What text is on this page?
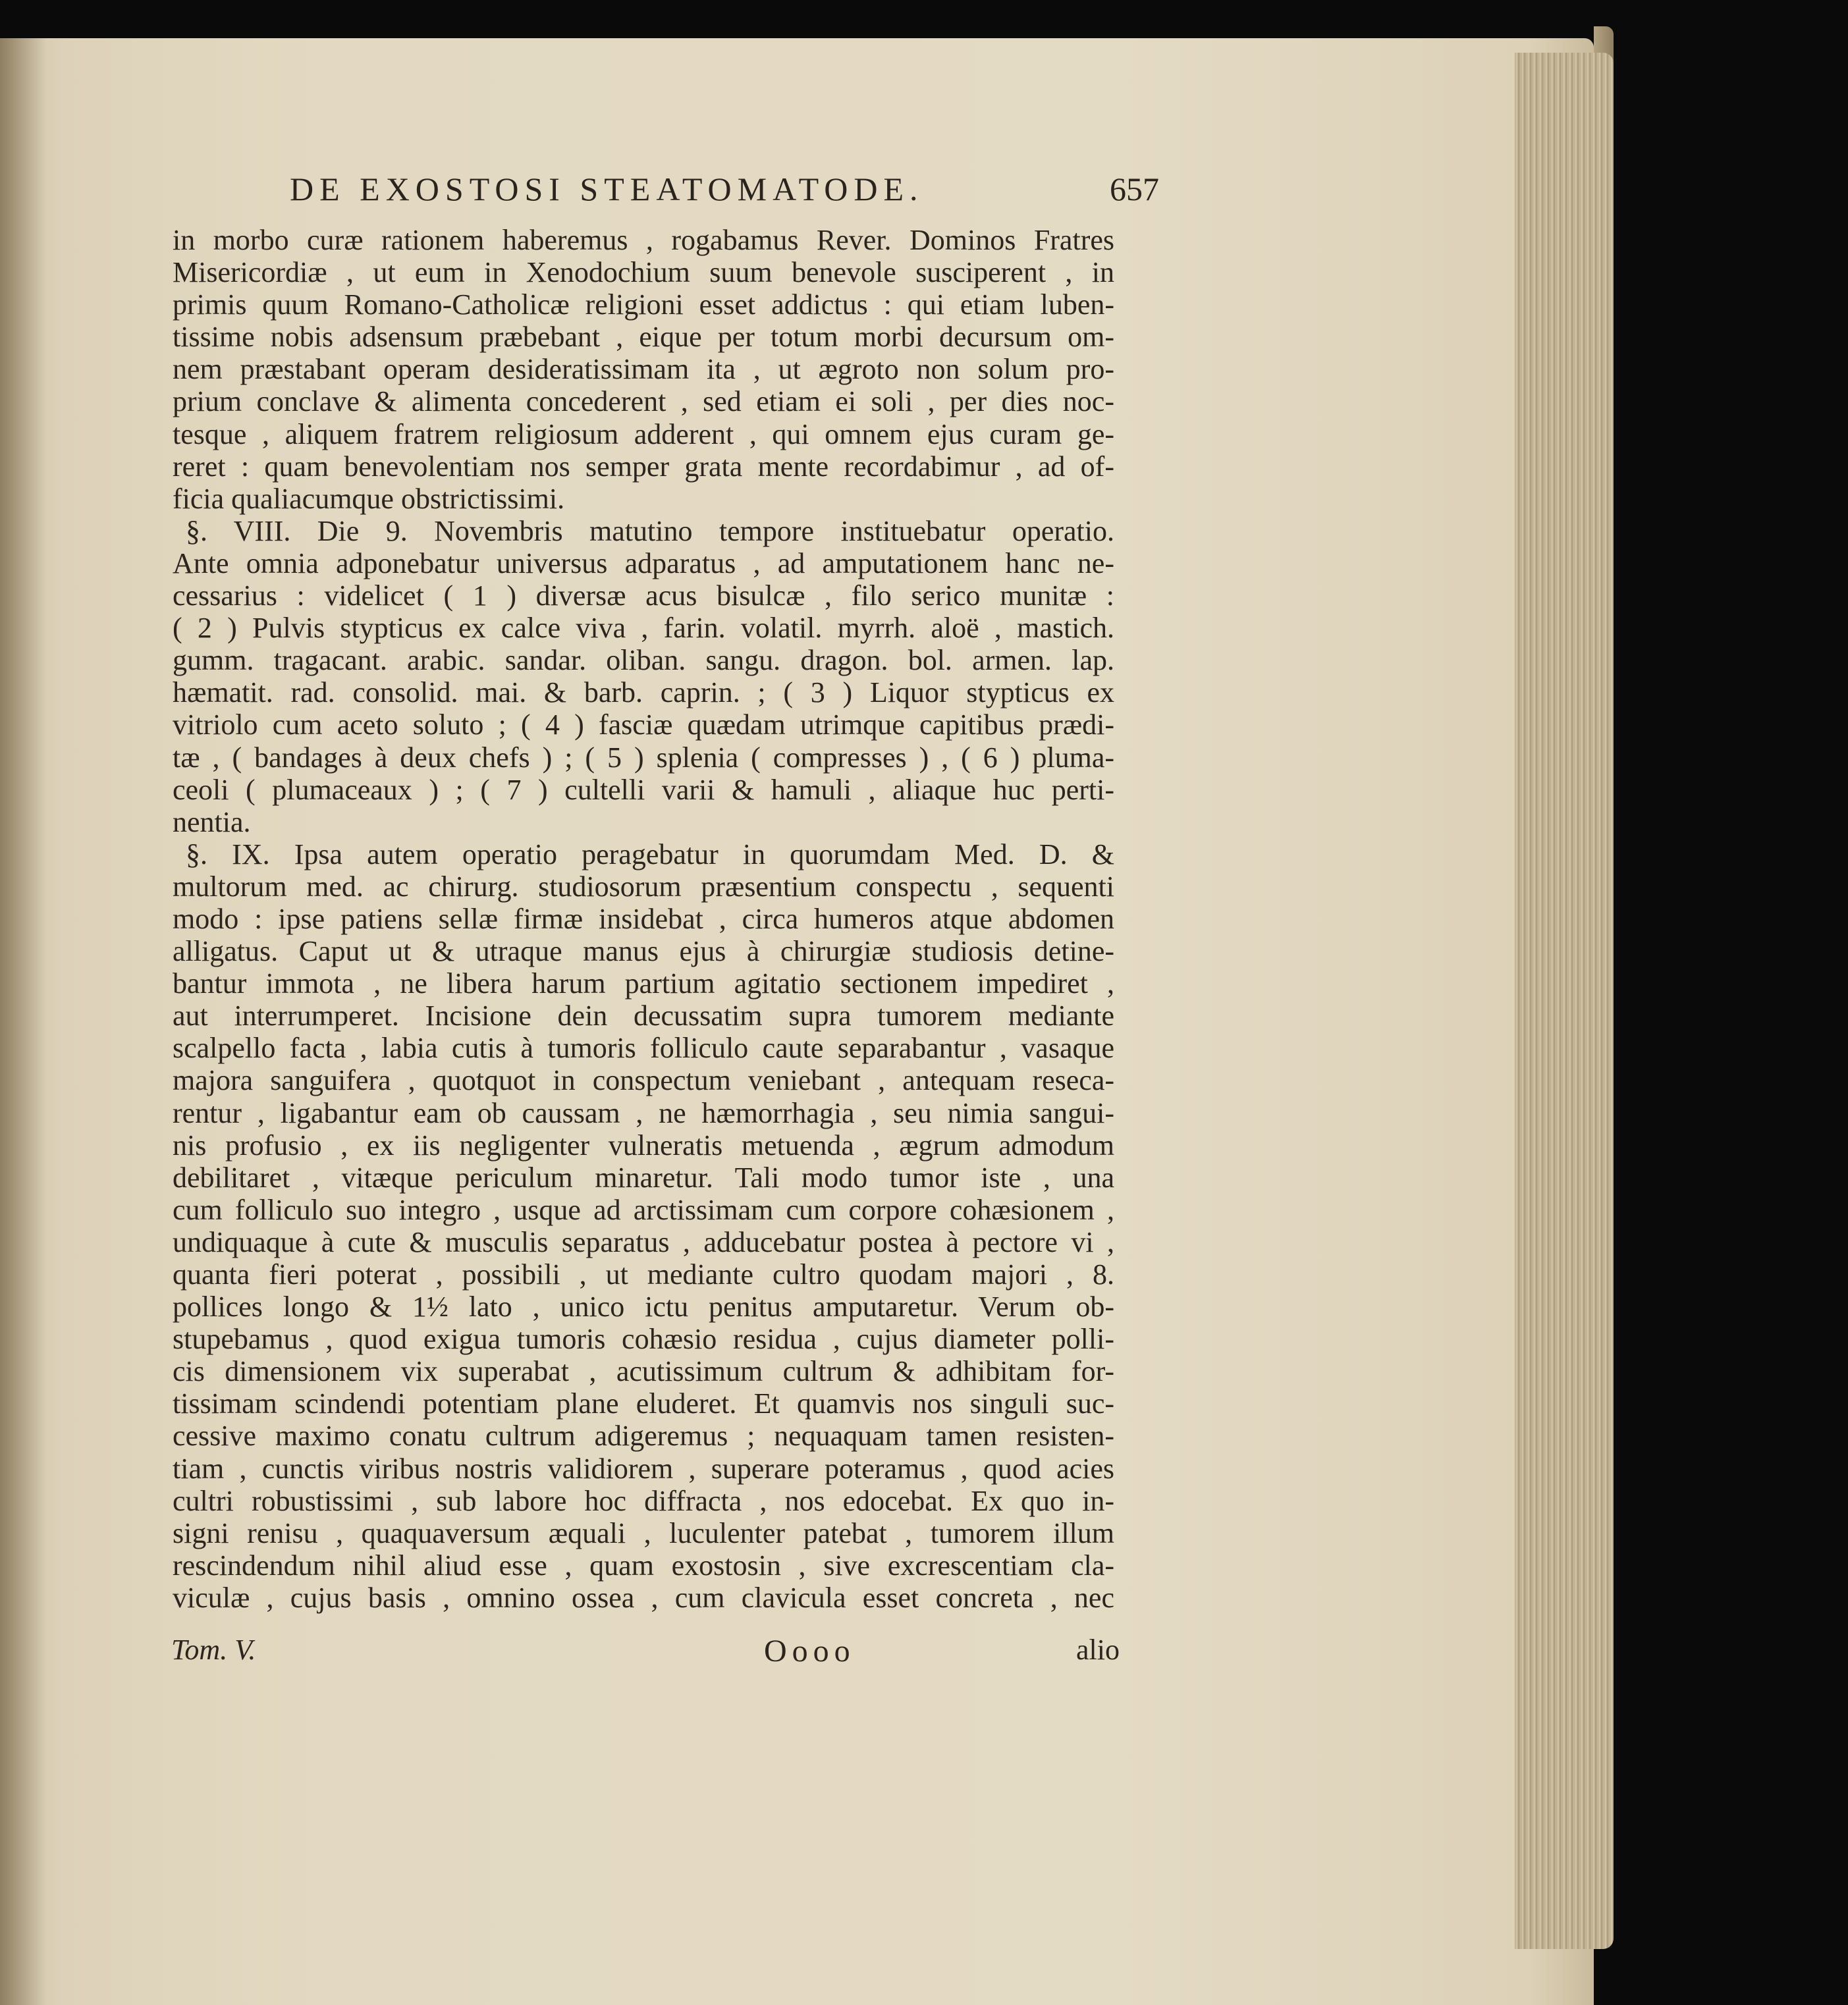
DE EXOSTOSI STEATOMATODE.	657
in morbo curæ rationem haberemus , rogabamus Rever. Dominos Fratres
Misericordiæ , ut eum in Xenodochium suum benevole susciperent , in
primis quum Romano-Catholicæ religioni esset addictus : qui etiam luben-
tissime nobis adsensum præbebant , eique per totum morbi decursum om-
nem præstabant operam desideratissimam ita , ut ægroto non solum pro-
prium conclave & alimenta concederent , sed etiam ei soli , per dies noc-
tesque , aliquem fratrem religiosum adderent , qui omnem ejus curam ge-
reret : quam benevolentiam nos semper grata mente recordabimur , ad of-
ficia qualiacumque obstrictissimi.
§. VIII. Die 9. Novembris matutino tempore instituebatur operatio.
Ante omnia adponebatur universus adparatus , ad amputationem hanc ne-
cessarius : videlicet ( 1 ) diversæ acus bisulcæ , filo serico munitæ :
( 2 ) Pulvis stypticus ex calce viva , farin. volatil. myrrh. aloë , mastich.
gumm. tragacant. arabic. sandar. oliban. sangu. dragon. bol. armen. lap.
hæmatit. rad. consolid. mai. & barb. caprin. ; ( 3 ) Liquor stypticus ex
vitriolo cum aceto soluto ; ( 4 ) fasciæ quædam utrimque capitibus prædi-
tæ , ( bandages à deux chefs ) ; ( 5 ) splenia ( compresses ) , ( 6 ) pluma-
ceoli ( plumaceaux ) ; ( 7 ) cultelli varii & hamuli , aliaque huc perti-
nentia.
§. IX. Ipsa autem operatio peragebatur in quorumdam Med. D. &
multorum med. ac chirurg. studiosorum præsentium conspectu , sequenti
modo : ipse patiens sellæ firmæ insidebat , circa humeros atque abdomen
alligatus. Caput ut & utraque manus ejus à chirurgiæ studiosis detine-
bantur immota , ne libera harum partium agitatio sectionem impediret ,
aut interrumperet. Incisione dein decussatim supra tumorem mediante
scalpello facta , labia cutis à tumoris folliculo caute separabantur , vasaque
majora sanguifera , quotquot in conspectum veniebant , antequam reseca-
rentur , ligabantur eam ob caussam , ne hæmorrhagia , seu nimia sangui-
nis profusio , ex iis negligenter vulneratis metuenda , ægrum admodum
debilitaret , vitæque periculum minaretur. Tali modo tumor iste , una
cum folliculo suo integro , usque ad arctissimam cum corpore cohæsionem ,
undiquaque à cute & musculis separatus , adducebatur postea à pectore vi ,
quanta fieri poterat , possibili , ut mediante cultro quodam majori , 8.
pollices longo & 1½ lato , unico ictu penitus amputaretur. Verum ob-
stupebamus , quod exigua tumoris cohæsio residua , cujus diameter polli-
cis dimensionem vix superabat , acutissimum cultrum & adhibitam for-
tissimam scindendi potentiam plane eluderet. Et quamvis nos singuli suc-
cessive maximo conatu cultrum adigeremus ; nequaquam tamen resisten-
tiam , cunctis viribus nostris validiorem , superare poteramus , quod acies
cultri robustissimi , sub labore hoc diffracta , nos edocebat. Ex quo in-
signi renisu , quaquaversum æquali , luculenter patebat , tumorem illum
rescindendum nihil aliud esse , quam exostosin , sive excrescentiam cla-
viculæ , cujus basis , omnino ossea , cum clavicula esset concreta , nec
Tom. V.	Oooo	alio
